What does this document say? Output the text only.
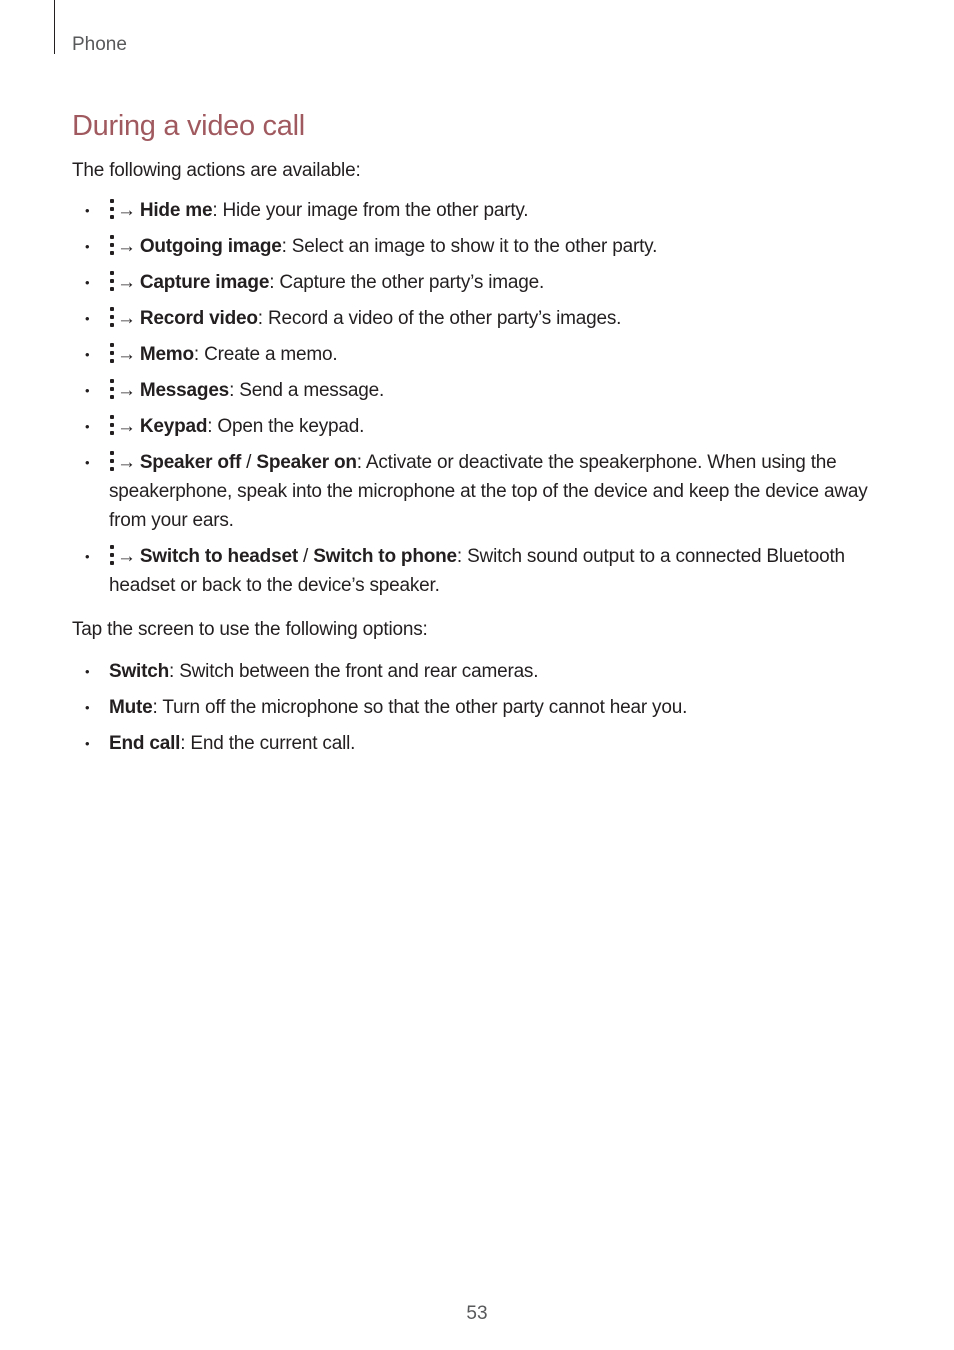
Phone
During a video call

The following actions are available:

• → Hide me: Hide your image from the other party.
• → Outgoing image: Select an image to show it to the other party.
• → Capture image: Capture the other party’s image.
• → Record video: Record a video of the other party’s images.
• → Memo: Create a memo.
• → Messages: Send a message.
• → Keypad: Open the keypad.
• → Speaker off / Speaker on: Activate or deactivate the speakerphone. When using the speakerphone, speak into the microphone at the top of the device and keep the device away from your ears.
• → Switch to headset / Switch to phone: Switch sound output to a connected Bluetooth headset or back to the device’s speaker.

Tap the screen to use the following options:

• Switch: Switch between the front and rear cameras.
• Mute: Turn off the microphone so that the other party cannot hear you.
• End call: End the current call.
53
